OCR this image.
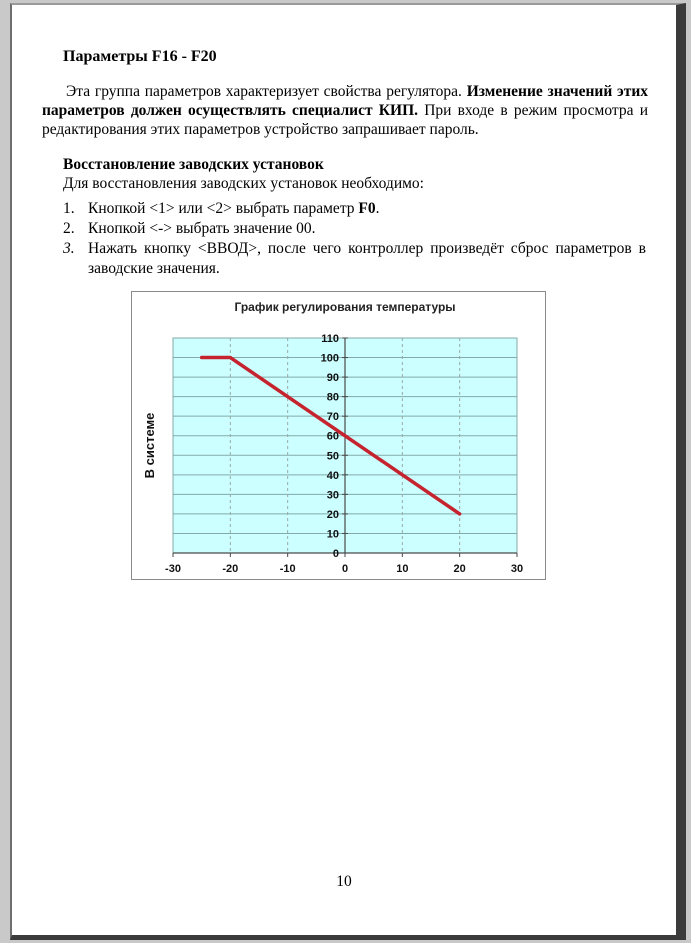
Параметры F16 - F20

Эта группа параметров характеризует свойства регулятора. Изменение значений этих параметров должен осуществлять специалист КИП. При входе в режим просмотра и редактирования этих параметров устройство запрашивает пароль.

Восстановление заводских установок

Для восстановления заводских установок необходимо:

1. Кнопкой <1> или <2> выбрать параметр F0.
2. Кнопкой <-> выбрать значение 00.
3. Нажать кнопку <ВВОД>, после чего контроллер произведёт сброс параметров в заводские значения.
0
10
20
30
40
50
60
70
80
90
100
110
-30	-20	-10	0	10	20	30
График регулирования температуры
В системе
10
